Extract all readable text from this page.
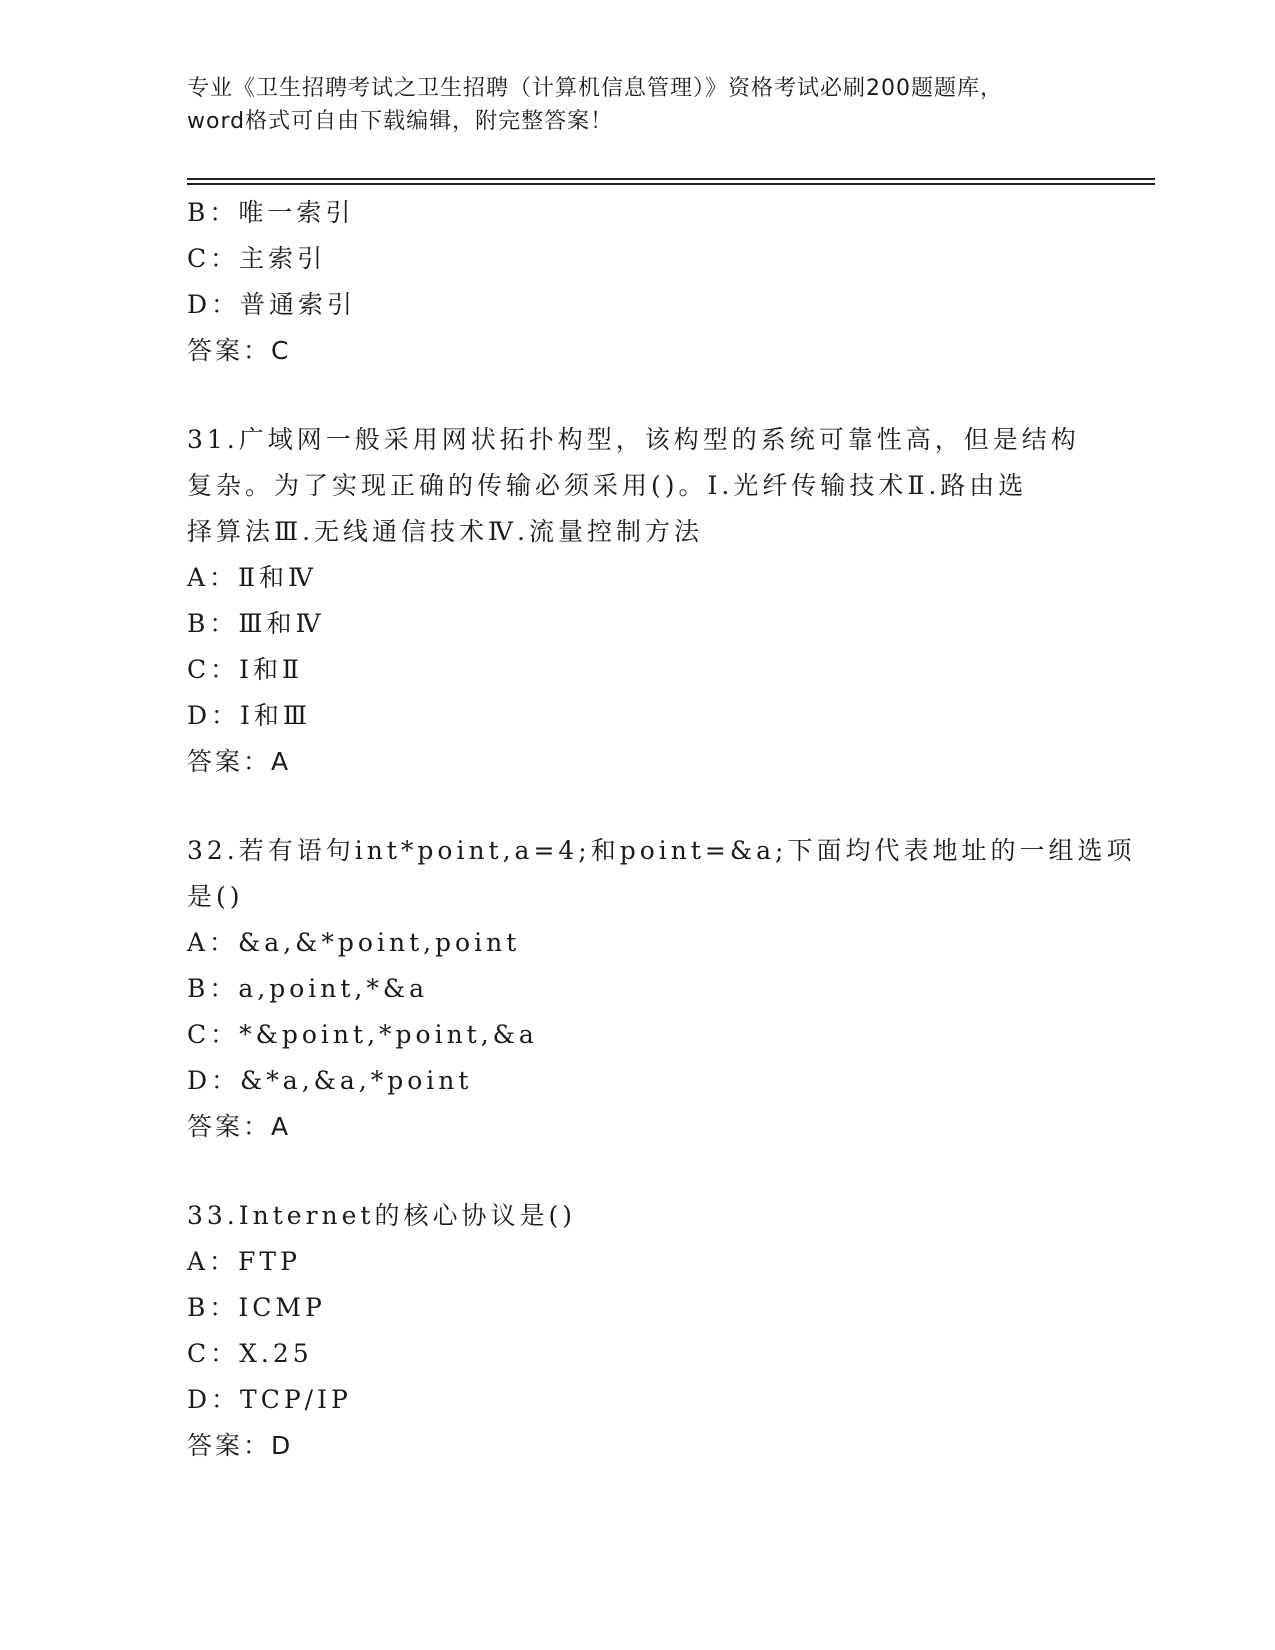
专业《卫生招聘考试之卫生招聘（计算机信息管理）》资格考试必刷200题题库，
word格式可自由下载编辑，附完整答案！
B：唯一索引
C：主索引
D：普通索引
答案：C
31.广域网一般采用网状拓扑构型，该构型的系统可靠性高，但是结构
复杂。为了实现正确的传输必须采用()。Ⅰ.光纤传输技术Ⅱ.路由选
择算法Ⅲ.无线通信技术Ⅳ.流量控制方法
A：Ⅱ和Ⅳ
B：Ⅲ和Ⅳ
C：Ⅰ和Ⅱ
D：Ⅰ和Ⅲ
答案：A
32.若有语句int*point,a=4;和point=&a;下面均代表地址的一组选项
是()
A：&a,&*point,point
B：a,point,*&a
C：*&point,*point,&a
D：&*a,&a,*point
答案：A
33.Internet的核心协议是()
A：FTP
B：ICMP
C：X.25
D：TCP/IP
答案：D
